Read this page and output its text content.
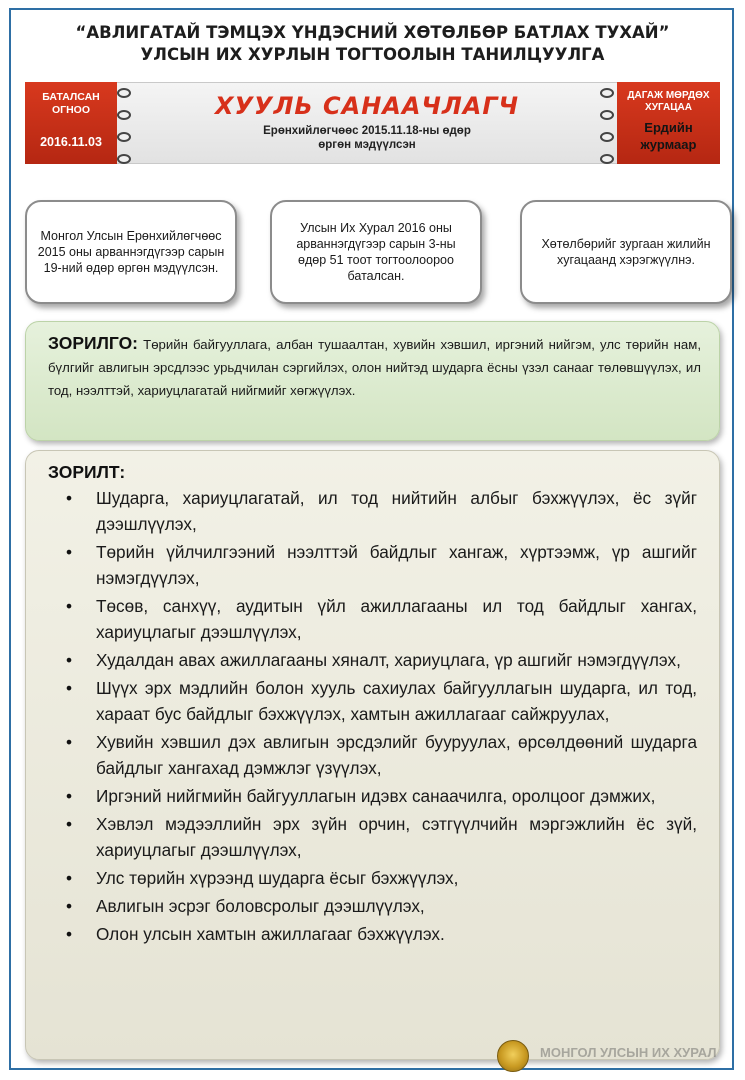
“АВЛИГАТАЙ ТЭМЦЭХ ҮНДЭСНИЙ ХӨТӨЛБӨР БАТЛАХ ТУХАЙ”
УЛСЫН ИХ ХУРЛЫН ТОГТООЛЫН ТАНИЛЦУУЛГА
БАТАЛСАН ОГНОО
2016.11.03
ХУУЛЬ САНААЧЛАГЧ
Ерөнхийлөгчөөс 2015.11.18-ны өдөр
өргөн мэдүүлсэн
ДАГАЖ МӨРДӨХ ХУГАЦАА
Ердийн журмаар
Монгол Улсын Ерөнхийлөгчөөс 2015 оны арваннэгдүгээр сарын 19-ний өдөр өргөн мэдүүлсэн.
Улсын Их Хурал 2016 оны арваннэгдүгээр сарын 3-ны өдөр 51 тоот тогтоолоороо баталсан.
Хөтөлбөрийг зургаан жилийн хугацаанд хэрэгжүүлнэ.
ЗОРИЛГО: Төрийн байгууллага, албан тушаалтан, хувийн хэвшил, иргэний нийгэм, улс төрийн нам, бүлгийг авлигын эрсдлээс урьдчилан сэргийлэх, олон нийтэд шударга ёсны үзэл санааг төлөвшүүлэх, ил тод, нээлттэй, хариуцлагатай нийгмийг хөгжүүлэх.
ЗОРИЛТ:
• Шударга, хариуцлагатай, ил тод нийтийн албыг бэхжүүлэх, ёс зүйг дээшлүүлэх,
• Төрийн үйлчилгээний нээлттэй байдлыг хангаж, хүртээмж, үр ашгийг нэмэгдүүлэх,
• Төсөв, санхүү, аудитын үйл ажиллагааны ил тод байдлыг хангах, хариуцлагыг дээшлүүлэх,
• Худалдан авах ажиллагааны хяналт, хариуцлага, үр ашгийг нэмэгдүүлэх,
• Шүүх эрх мэдлийн болон хууль сахиулах байгууллагын шударга, ил тод, хараат бус байдлыг бэхжүүлэх, хамтын ажиллагааг сайжруулах,
• Хувийн хэвшил дэх авлигын эрсдэлийг бууруулах, өрсөлдөөний шударга байдлыг хангахад дэмжлэг үзүүлэх,
• Иргэний нийгмийн байгууллагын идэвх санаачилга, оролцоог дэмжих,
• Хэвлэл мэдээллийн эрх зүйн орчин, сэтгүүлчийн мэргэжлийн ёс зүй, хариуцлагыг дээшлүүлэх,
• Улс төрийн хүрээнд шударга ёсыг бэхжүүлэх,
• Авлигын эсрэг боловсролыг дээшлүүлэх,
• Олон улсын хамтын ажиллагааг бэхжүүлэх.
МОНГОЛ УЛСЫН ИХ ХУРАЛ
